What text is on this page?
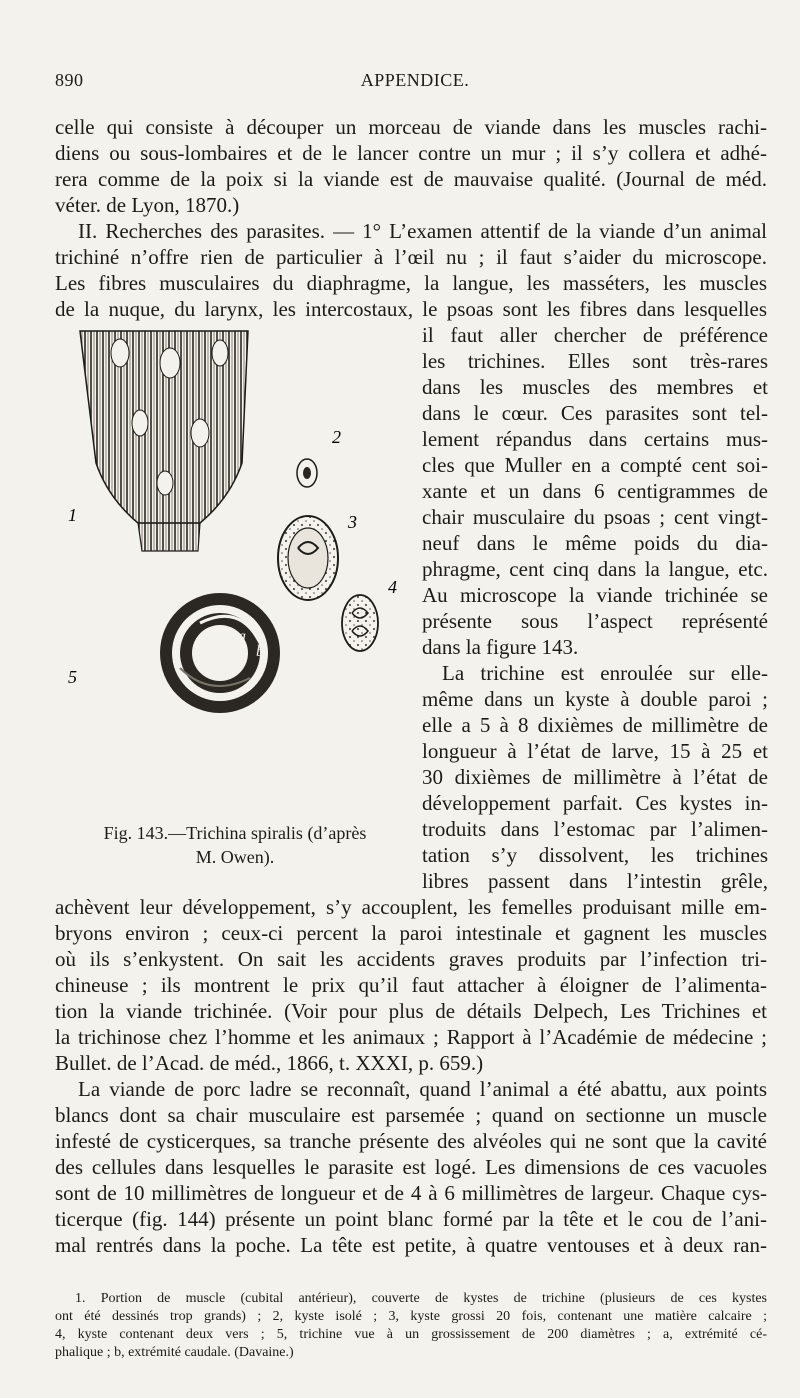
890	APPENDICE.
celle qui consiste à découper un morceau de viande dans les muscles rachi-
diens ou sous-lombaires et de le lancer contre un mur ; il s’y collera et adhé-
rera comme de la poix si la viande est de mauvaise qualité. (Journal de méd.
véter. de Lyon, 1870.)
II. Recherches des parasites. — 1° L’examen attentif de la viande d’un animal
trichiné n’offre rien de particulier à l’œil nu ; il faut s’aider du microscope.
Les fibres musculaires du diaphragme, la langue, les masséters, les muscles
de la nuque, du larynx, les intercostaux, le psoas sont les fibres dans lesquelles
il faut aller chercher de préférence
les trichines. Elles sont très-rares
dans les muscles des membres et
dans le cœur. Ces parasites sont tel-
lement répandus dans certains mus-
cles que Muller en a compté cent soi-
xante et un dans 6 centigrammes de
chair musculaire du psoas ; cent vingt-
neuf dans le même poids du dia-
phragme, cent cinq dans la langue, etc.
Au microscope la viande trichinée se
présente sous l’aspect représenté
dans la figure 143.
La trichine est enroulée sur elle-
même dans un kyste à double paroi ;
elle a 5 à 8 dixièmes de millimètre de
longueur à l’état de larve, 15 à 25 et
30 dixièmes de millimètre à l’état de
développement parfait. Ces kystes in-
troduits dans l’estomac par l’alimen-
tation s’y dissolvent, les trichines
libres passent dans l’intestin grêle,
achèvent leur développement, s’y accouplent, les femelles produisant mille em-
bryons environ ; ceux-ci percent la paroi intestinale et gagnent les muscles
où ils s’enkystent. On sait les accidents graves produits par l’infection tri-
chineuse ; ils montrent le prix qu’il faut attacher à éloigner de l’alimenta-
tion la viande trichinée. (Voir pour plus de détails Delpech, Les Trichines et
la trichinose chez l’homme et les animaux ; Rapport à l’Académie de médecine ;
Bullet. de l’Acad. de méd., 1866, t. XXXI, p. 659.)
La viande de porc ladre se reconnaît, quand l’animal a été abattu, aux points
blancs dont sa chair musculaire est parsemée ; quand on sectionne un muscle
infesté de cysticerques, sa tranche présente des alvéoles qui ne sont que la cavité
des cellules dans lesquelles le parasite est logé. Les dimensions de ces vacuoles
sont de 10 millimètres de longueur et de 4 à 6 millimètres de largeur. Chaque cys-
ticerque (fig. 144) présente un point blanc formé par la tête et le cou de l’ani-
mal rentrés dans la poche. La tête est petite, à quatre ventouses et à deux ran-
1
2
3
4
5
a
b
Fig. 143.—Trichina spiralis (d’après
M. Owen).
1. Portion de muscle (cubital antérieur), couverte de kystes de trichine (plusieurs de ces kystes
ont été dessinés trop grands) ; 2, kyste isolé ; 3, kyste grossi 20 fois, contenant une matière calcaire ;
4, kyste contenant deux vers ; 5, trichine vue à un grossissement de 200 diamètres ; a, extrémité cé-
phalique ; b, extrémité caudale. (Davaine.)
